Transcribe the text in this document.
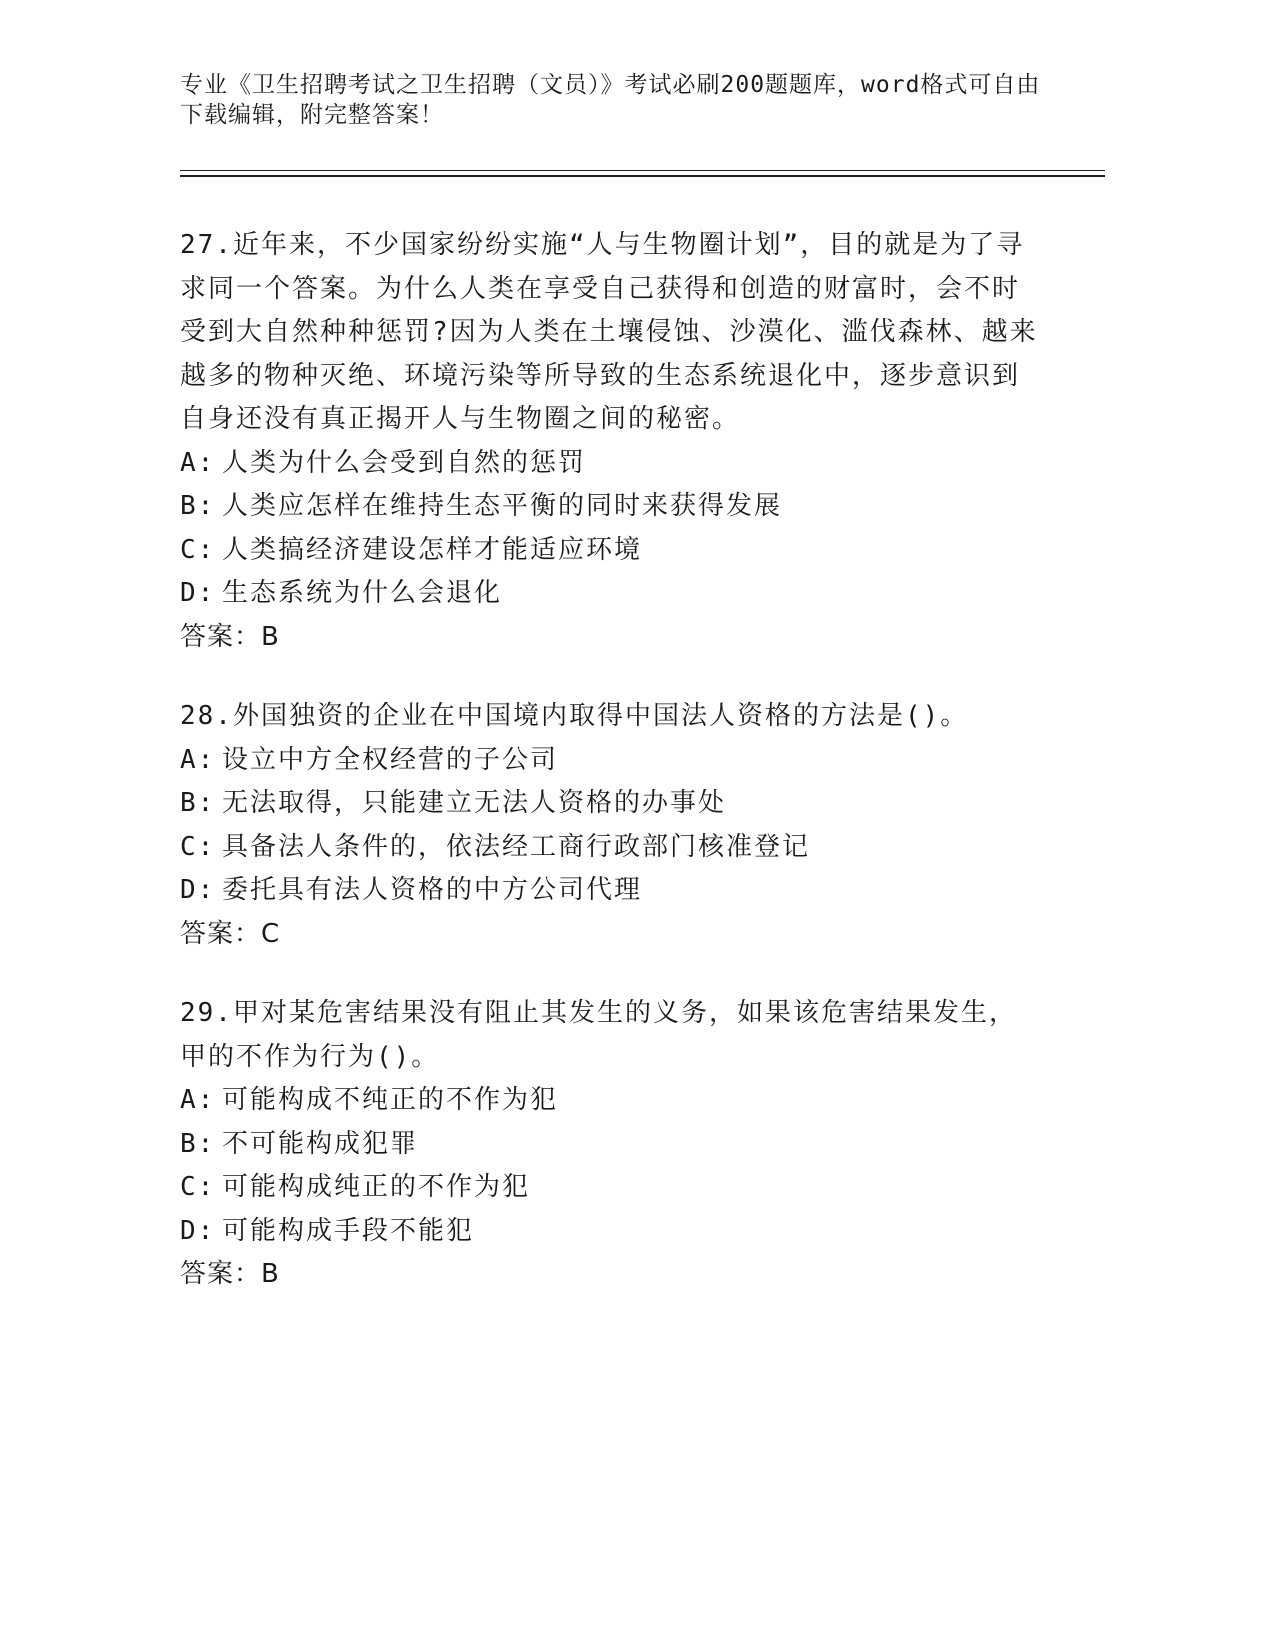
专业《卫生招聘考试之卫生招聘（文员）》考试必刷200题题库，word格式可自由下载编辑，附完整答案！

27.近年来，不少国家纷纷实施“人与生物圈计划”，目的就是为了寻求同一个答案。为什么人类在享受自己获得和创造的财富时，会不时受到大自然种种惩罚?因为人类在土壤侵蚀、沙漠化、滥伐森林、越来越多的物种灭绝、环境污染等所导致的生态系统退化中，逐步意识到自身还没有真正揭开人与生物圈之间的秘密。

A: 人类为什么会受到自然的惩罚

B: 人类应怎样在维持生态平衡的同时来获得发展

C: 人类搞经济建设怎样才能适应环境

D: 生态系统为什么会退化

答案：B

28.外国独资的企业在中国境内取得中国法人资格的方法是()。

A: 设立中方全权经营的子公司

B: 无法取得，只能建立无法人资格的办事处

C: 具备法人条件的，依法经工商行政部门核准登记

D: 委托具有法人资格的中方公司代理

答案：C

29.甲对某危害结果没有阻止其发生的义务，如果该危害结果发生，甲的不作为行为()。

A: 可能构成不纯正的不作为犯

B: 不可能构成犯罪

C: 可能构成纯正的不作为犯

D: 可能构成手段不能犯

答案：B
